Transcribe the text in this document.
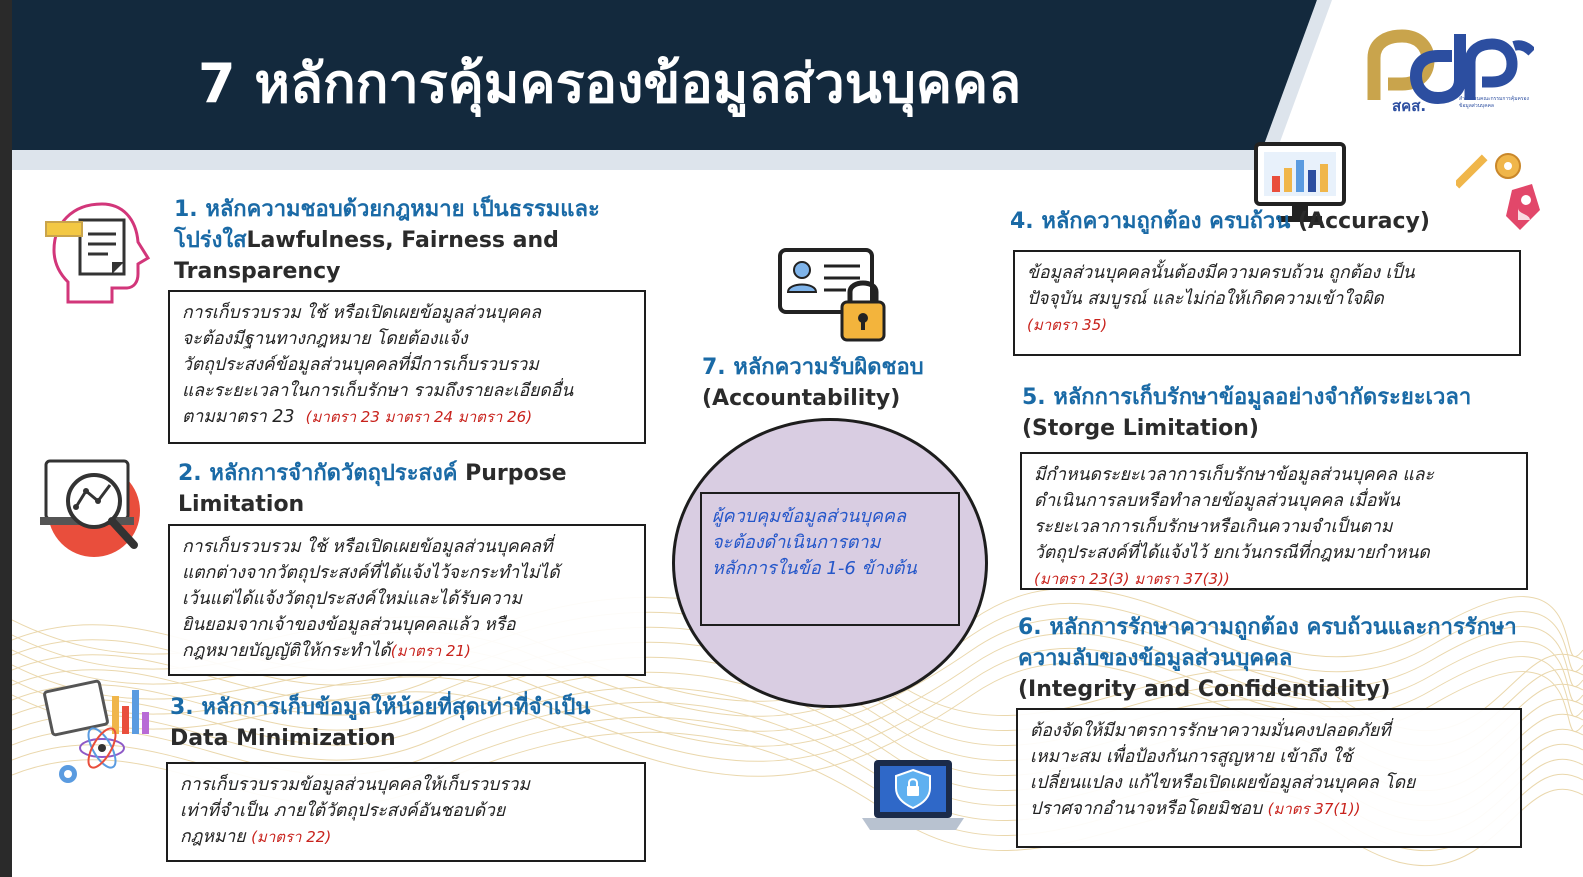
7 หลักการคุ้มครองข้อมูลส่วนบุคคล	สคส.	สำนักงานคณะกรรมการคุ้มครองข้อมูลส่วนบุคคล
1. หลักความชอบด้วยกฎหมาย เป็นธรรมและโปร่งใสLawfulness, Fairness and Transparency
การเก็บรวบรวม ใช้ หรือเปิดเผยข้อมูลส่วนบุคคล
จะต้องมีฐานทางกฎหมาย โดยต้องแจ้ง
วัตถุประสงค์ข้อมูลส่วนบุคคลที่มีการเก็บรวบรวม
และระยะเวลาในการเก็บรักษา รวมถึงรายละเอียดอื่น
ตามมาตรา 23 (มาตรา 23 มาตรา 24 มาตรา 26)
2. หลักการจำกัดวัตถุประสงค์ Purpose Limitation
การเก็บรวบรวม ใช้ หรือเปิดเผยข้อมูลส่วนบุคคลที่
แตกต่างจากวัตถุประสงค์ที่ได้แจ้งไว้จะกระทำไม่ได้
เว้นแต่ได้แจ้งวัตถุประสงค์ใหม่และได้รับความ
ยินยอมจากเจ้าของข้อมูลส่วนบุคคลแล้ว หรือ
กฎหมายบัญญัติให้กระทำได้(มาตรา 21)
3. หลักการเก็บข้อมูลให้น้อยที่สุดเท่าที่จำเป็น
Data Minimization
การเก็บรวบรวมข้อมูลส่วนบุคคลให้เก็บรวบรวม
เท่าที่จำเป็น ภายใต้วัตถุประสงค์อันชอบด้วย
กฎหมาย (มาตรา 22)
7. หลักความรับผิดชอบ
(Accountability)
ผู้ควบคุมข้อมูลส่วนบุคคล
จะต้องดำเนินการตาม
หลักการในข้อ 1-6 ข้างต้น
4. หลักความถูกต้อง ครบถ้วน (Accuracy)
ข้อมูลส่วนบุคคลนั้นต้องมีความครบถ้วน ถูกต้อง เป็น
ปัจจุบัน สมบูรณ์ และไม่ก่อให้เกิดความเข้าใจผิด
(มาตรา 35)
5. หลักการเก็บรักษาข้อมูลอย่างจำกัดระยะเวลา
(Storge Limitation)
มีกำหนดระยะเวลาการเก็บรักษาข้อมูลส่วนบุคคล และ
ดำเนินการลบหรือทำลายข้อมูลส่วนบุคคล เมื่อพ้น
ระยะเวลาการเก็บรักษาหรือเกินความจำเป็นตาม
วัตถุประสงค์ที่ได้แจ้งไว้ ยกเว้นกรณีที่กฎหมายกำหนด
(มาตรา 23(3) มาตรา 37(3))
6. หลักการรักษาความถูกต้อง ครบถ้วนและการรักษาความลับของข้อมูลส่วนบุคคล
(Integrity and Confidentiality)
ต้องจัดให้มีมาตรการรักษาความมั่นคงปลอดภัยที่
เหมาะสม เพื่อป้องกันการสูญหาย เข้าถึง ใช้
เปลี่ยนแปลง แก้ไขหรือเปิดเผยข้อมูลส่วนบุคคล โดย
ปราศจากอำนาจหรือโดยมิชอบ (มาตร 37(1))
